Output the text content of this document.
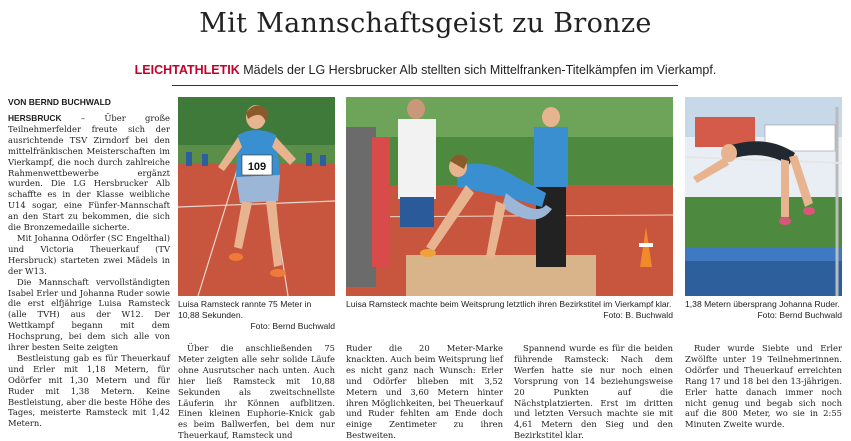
Mit Mannschaftsgeist zu Bronze
LEICHTATHLETIK Mädels der LG Hersbrucker Alb stellten sich Mittelfranken-Titelkämpfen im Vierkampf.
VON BERND BUCHWALD

HERSBRUCK – Über große Teilnehmerfelder freute sich der ausrichtende TSV Zirndorf bei den mittelfränkischen Meisterschaften im Vierkampf, die noch durch zahlreiche Rahmenwettbewerbe ergänzt wurden. Die LG Hersbrucker Alb schaffte es in der Klasse weibliche U14 sogar, eine Fünfer-Mannschaft an den Start zu bekommen, die sich die Bronzemedaille sicherte.

Mit Johanna Odörfer (SC Engelthal) und Victoria Theuerkauf (TV Hersbruck) starteten zwei Mädels in der W13.

Die Mannschaft vervollständigten Isabel Erler und Johanna Ruder sowie die erst elfjährige Luisa Ramsteck (alle TVH) aus der W12. Der Wettkampf begann mit dem Hochsprung, bei dem sich alle von ihrer besten Seite zeigten

Bestleistung gab es für Theuerkauf und Erler mit 1,18 Metern, für Odörfer mit 1,30 Metern und für Ruder mit 1,38 Metern. Keine Bestleistung, aber die beste Höhe des Tages, meisterte Ramsteck mit 1,42 Metern.

109
Luisa Ramsteck rannte 75 Meter in 10,88 Sekunden.
Foto: Bernd Buchwald
Luisa Ramsteck machte beim Weitsprung letztlich ihren Bezirkstitel im Vierkampf klar.
Foto: B. Buchwald
1,38 Metern übersprang Johanna Ruder.
Foto: Bernd Buchwald

Über die anschließenden 75 Meter zeigten alle sehr solide Läufe ohne Ausrutscher nach unten. Auch hier ließ Ramsteck mit 10,88 Sekunden als zweitschnellste Läuferin ihr Können aufblitzen. Einen kleinen Euphorie-Knick gab es beim Ballwerfen, bei dem nur Theuerkauf, Ramsteck und

Ruder die 20 Meter-Marke knackten. Auch beim Weitsprung lief es nicht ganz nach Wunsch: Erler und Odörfer blieben mit 3,52 Metern und 3,60 Metern hinter ihren Möglichkeiten, bei Theuerkauf und Ruder fehlten am Ende doch einige Zentimeter zu ihren Bestweiten.

Spannend wurde es für die beiden führende Ramsteck: Nach dem Werfen hatte sie nur noch einen Vorsprung von 14 beziehungsweise 20 Punkten auf die Nächstplatzierten. Erst im dritten und letzten Versuch machte sie mit 4,61 Metern den Sieg und den Bezirkstitel klar.

Ruder wurde Siebte und Erler Zwölfte unter 19 Teilnehmerinnen. Odörfer und Theuerkauf erreichten Rang 17 und 18 bei den 13-jährigen. Erler hatte danach immer noch nicht genug und begab sich noch auf die 800 Meter, wo sie in 2:55 Minuten Zweite wurde.
